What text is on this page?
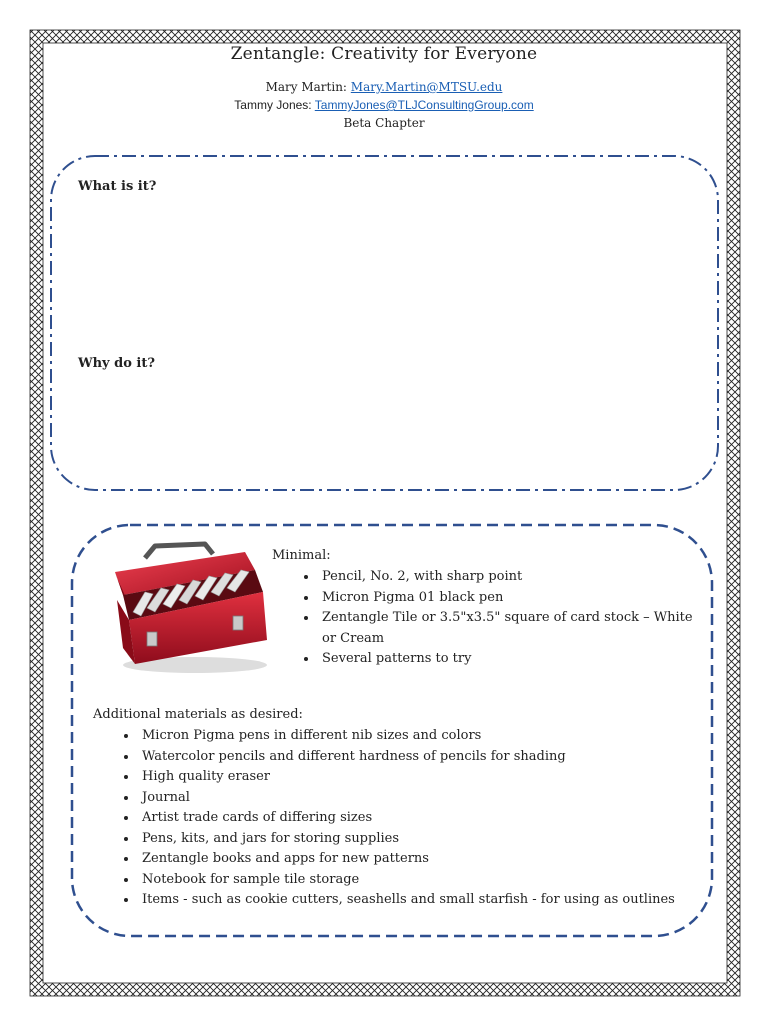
Zentangle: Creativity for Everyone
Mary Martin: Mary.Martin@MTSU.edu
Tammy Jones: TammyJones@TLJConsultingGroup.com
Beta Chapter
What is it?
Why do it?
Minimal:
• Pencil, No. 2, with sharp point
• Micron Pigma 01 black pen
• Zentangle Tile or 3.5"x3.5" square of card stock – White or Cream
• Several patterns to try
Additional materials as desired:
• Micron Pigma pens in different nib sizes and colors
• Watercolor pencils and different hardness of pencils for shading
• High quality eraser
• Journal
• Artist trade cards of differing sizes
• Pens, kits, and jars for storing supplies
• Zentangle books and apps for new patterns
• Notebook for sample tile storage
• Items - such as cookie cutters, seashells and small starfish - for using as outlines
